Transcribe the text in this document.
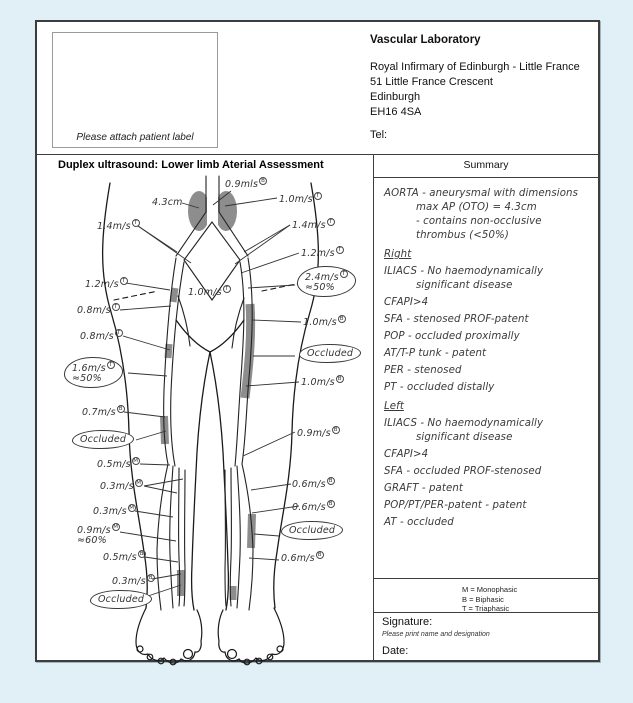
Please attach patient label
Vascular Laboratory
Royal Infirmary of Edinburgh - Little France
51 Little France Crescent
Edinburgh
EH16 4SA
Tel:
Duplex ultrasound: Lower limb Aterial Assessment	Summary
AORTA - aneurysmal with dimensions
max AP (OTO) = 4.3cm
- contains non-occlusive
thrombus (<50%)
Right
ILIACS - No haemodynamically
significant disease
CFAPI>4
SFA - stenosed PROF-patent
POP - occluded proximally
AT/T-P tunk - patent
PER - stenosed
PT - occluded distally
Left
ILIACS - No haemodynamically
significant disease
CFAPI>4
SFA - occluded PROF-stenosed
GRAFT - patent
POP/PT/PER-patent - patent
AT - occluded
M = Monophasic
B = Biphasic
T = Triaphasic
Signature:
Please print name and designation
Date:
0.9mls B
4.3cm	1.0m/s T
1.4m/s T	1.4m/s T
1.2m/s T
1.2m/s T	2.4m/s T
≈50%
1.0m/s T
0.8m/s T
1.0m/s B
0.8m/s T
Occluded
1.6m/s T
≈50%	1.0m/s B
0.7m/s B
0.9m/s B
Occluded
0.5m/s M
0.6m/s B
0.3m/s M
0.3m/s M	0.6m/s B
0.9m/s M
≈60%
Occluded
0.5m/s B	0.6m/s B
0.3m/s B
Occluded
